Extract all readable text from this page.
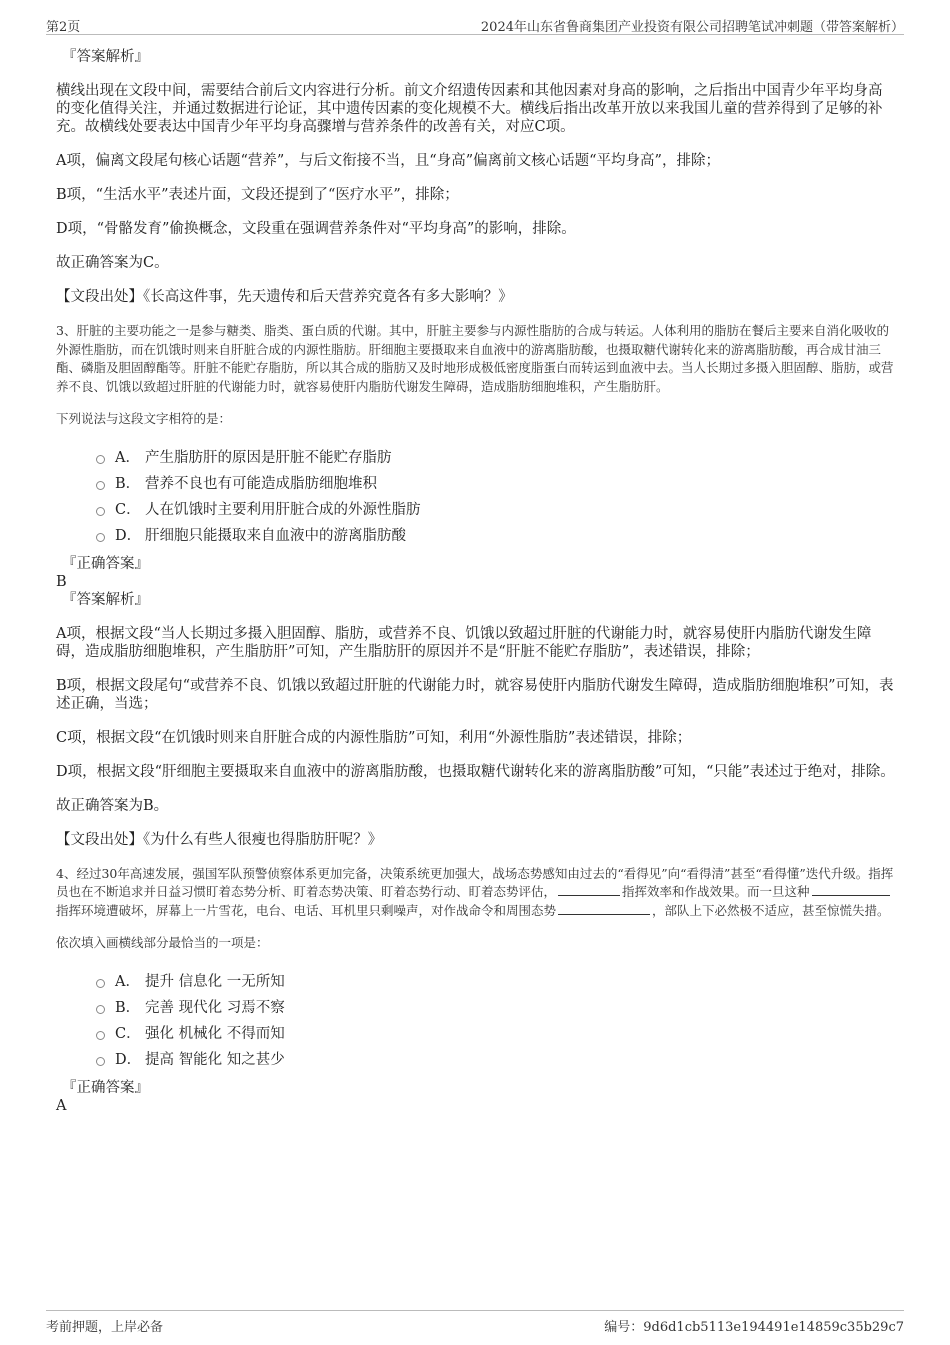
第2页	2024年山东省鲁商集团产业投资有限公司招聘笔试冲刺题（带答案解析）

『答案解析』

横线出现在文段中间，需要结合前后文内容进行分析。前文介绍遗传因素和其他因素对身高的影响，之后指出中国青少年平均身高的变化值得关注，并通过数据进行论证，其中遗传因素的变化规模不大。横线后指出改革开放以来我国儿童的营养得到了足够的补充。故横线处要表达中国青少年平均身高骤增与营养条件的改善有关，对应C项。

A项，偏离文段尾句核心话题“营养”，与后文衔接不当，且“身高”偏离前文核心话题“平均身高”，排除；

B项，“生活水平”表述片面，文段还提到了“医疗水平”，排除；

D项，“骨骼发育”偷换概念，文段重在强调营养条件对“平均身高”的影响，排除。

故正确答案为C。

【文段出处】《长高这件事，先天遗传和后天营养究竟各有多大影响？》

3、肝脏的主要功能之一是参与糖类、脂类、蛋白质的代谢。其中，肝脏主要参与内源性脂肪的合成与转运。人体利用的脂肪在餐后主要来自消化吸收的外源性脂肪，而在饥饿时则来自肝脏合成的内源性脂肪。肝细胞主要摄取来自血液中的游离脂肪酸，也摄取糖代谢转化来的游离脂肪酸，再合成甘油三酯、磷脂及胆固醇酯等。肝脏不能贮存脂肪，所以其合成的脂肪又及时地形成极低密度脂蛋白而转运到血液中去。当人长期过多摄入胆固醇、脂肪，或营养不良、饥饿以致超过肝脏的代谢能力时，就容易使肝内脂肪代谢发生障碍，造成脂肪细胞堆积，产生脂肪肝。

下列说法与这段文字相符的是：

A． 产生脂肪肝的原因是肝脏不能贮存脂肪
B． 营养不良也有可能造成脂肪细胞堆积
C． 人在饥饿时主要利用肝脏合成的外源性脂肪
D． 肝细胞只能摄取来自血液中的游离脂肪酸

『正确答案』

B

『答案解析』

A项，根据文段“当人长期过多摄入胆固醇、脂肪，或营养不良、饥饿以致超过肝脏的代谢能力时，就容易使肝内脂肪代谢发生障碍，造成脂肪细胞堆积，产生脂肪肝”可知，产生脂肪肝的原因并不是“肝脏不能贮存脂肪”，表述错误，排除；

B项，根据文段尾句“或营养不良、饥饿以致超过肝脏的代谢能力时，就容易使肝内脂肪代谢发生障碍，造成脂肪细胞堆积”可知，表述正确，当选；

C项，根据文段“在饥饿时则来自肝脏合成的内源性脂肪”可知，利用“外源性脂肪”表述错误，排除；

D项，根据文段“肝细胞主要摄取来自血液中的游离脂肪酸，也摄取糖代谢转化来的游离脂肪酸”可知，“只能”表述过于绝对，排除。

故正确答案为B。

【文段出处】《为什么有些人很瘦也得脂肪肝呢？》

4、经过30年高速发展，强国军队预警侦察体系更加完备，决策系统更加强大，战场态势感知由过去的“看得见”向“看得清”甚至“看得懂”迭代升级。指挥员也在不断追求并日益习惯盯着态势分析、盯着态势决策、盯着态势行动、盯着态势评估，	指挥效率和作战效果。而一旦这种指挥环境遭破坏，屏幕上一片雪花，电台、电话、耳机里只剩噪声，对作战命令和周围态势	，部队上下必然极不适应，甚至惊慌失措。

依次填入画横线部分最恰当的一项是：

A． 提升 信息化 一无所知
B． 完善 现代化 习焉不察
C． 强化 机械化 不得而知
D． 提高 智能化 知之甚少

『正确答案』

A

考前押题，上岸必备	编号：9d6d1cb5113e194491e14859c35b29c7
